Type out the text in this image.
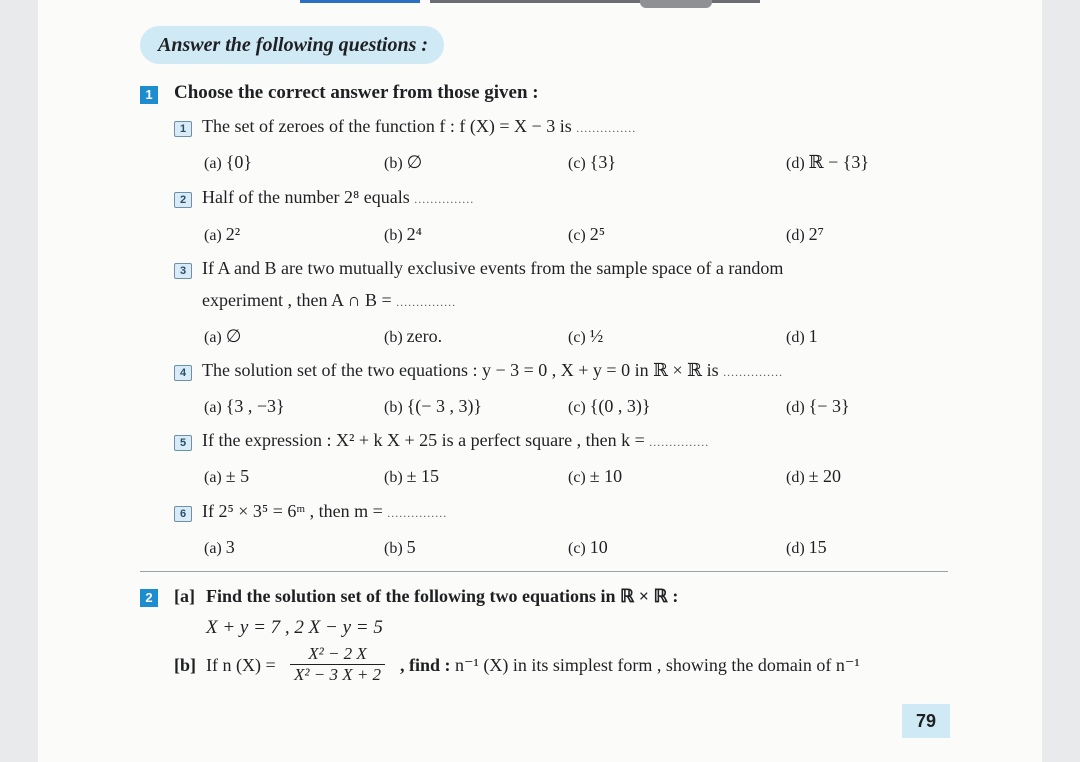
Answer the following questions :
1 Choose the correct answer from those given :
1 The set of zeroes of the function f : f (X) = X − 3 is ...............
(a) {0}	(b) ∅	(c) {3}	(d) ℝ − {3}
2 Half of the number 2⁸ equals ...............
(a) 2²	(b) 2⁴	(c) 2⁵	(d) 2⁷
3 If A and B are two mutually exclusive events from the sample space of a random
experiment , then A ∩ B = ...............
(a) ∅	(b) zero.	(c) ½	(d) 1
4 The solution set of the two equations : y − 3 = 0 , X + y = 0 in ℝ × ℝ is ...............
(a) {3 , −3}	(b) {(− 3 , 3)}	(c) {(0 , 3)}	(d) {− 3}
5 If the expression : X² + k X + 25 is a perfect square , then k = ...............
(a) ± 5	(b) ± 15	(c) ± 10	(d) ± 20
6 If 2⁵ × 3⁵ = 6ᵐ , then m = ...............
(a) 3	(b) 5	(c) 10	(d) 15
2 [a] Find the solution set of the following two equations in ℝ × ℝ :
X + y = 7 , 2 X − y = 5
[b] If n $(X) = \frac{\text{X² − 2 X}}{\text{X² − 3 X + 2}}$ , find : n⁻¹ (X) in its simplest form , showing the domain of n⁻¹
79
